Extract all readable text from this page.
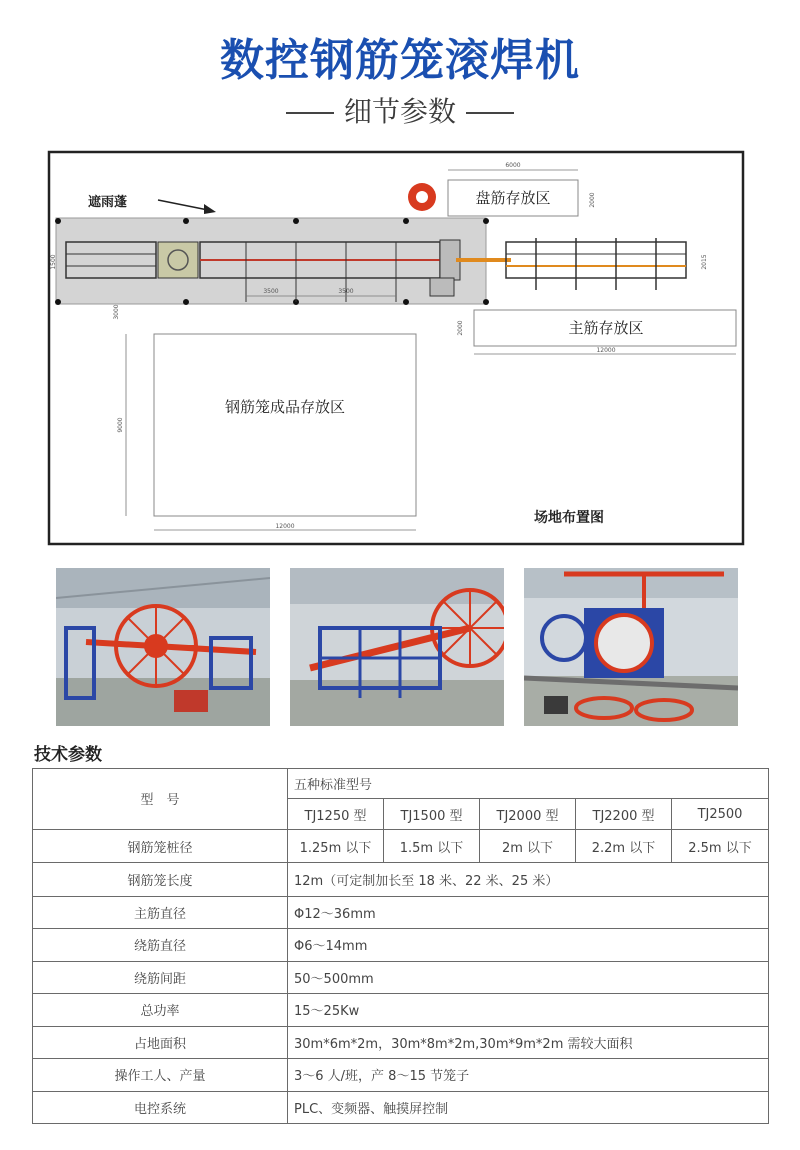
数控钢筋笼滚焊机
细节参数
6000
2000
盘筋存放区
2015
遮雨蓬
3500	3500
1500
3000
主筋存放区
12000
2000
钢筋笼成品存放区
9000
12000
场地布置图
技术参数
型　号	五种标准型号				
	TJ1250 型	TJ1500 型	TJ2000 型	TJ2200 型	TJ2500
钢筋笼桩径	1.25m 以下	1.5m 以下	2m 以下	2.2m 以下	2.5m 以下
钢筋笼长度	12m（可定制加长至 18 米、22 米、25 米）				
主筋直径	Φ12～36mm				
绕筋直径	Φ6～14mm				
绕筋间距	50～500mm				
总功率	15～25Kw				
占地面积	30m*6m*2m，30m*8m*2m,30m*9m*2m 需较大面积				
操作工人、产量	3～6 人/班，产 8～15 节笼子				
电控系统	PLC、变频器、触摸屏控制				
